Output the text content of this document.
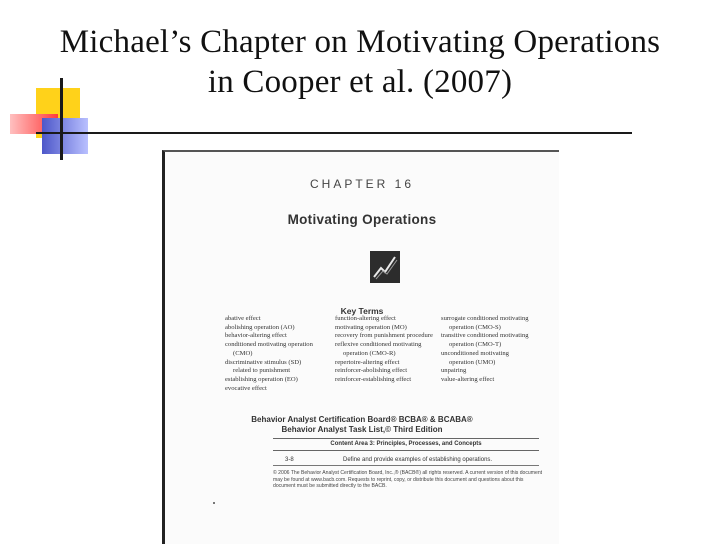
Michael’s Chapter on Motivating Operations
in Cooper et al. (2007)
CHAPTER 16
Motivating Operations
Key Terms
abative effect
abolishing operation (AO)
behavior-altering effect
conditioned motivating operation
(CMO)
discriminative stimulus (SD)
related to punishment
establishing operation (EO)
evocative effect
function-altering effect
motivating operation (MO)
recovery from punishment procedure
reflexive conditioned motivating
operation (CMO-R)
repertoire-altering effect
reinforcer-abolishing effect
reinforcer-establishing effect
surrogate conditioned motivating
operation (CMO-S)
transitive conditioned motivating
operation (CMO-T)
unconditioned motivating
operation (UMO)
unpairing
value-altering effect
Behavior Analyst Certification Board® BCBA® & BCABA®
Behavior Analyst Task List,© Third Edition
Content Area 3: Principles, Processes, and Concepts
3-8	Define and provide examples of establishing operations.
© 2006 The Behavior Analyst Certification Board, Inc.,® (BACB®) all rights reserved. A current version of this document may be found at www.bacb.com. Requests to reprint, copy, or distribute this document and questions about this document must be submitted directly to the BACB.
